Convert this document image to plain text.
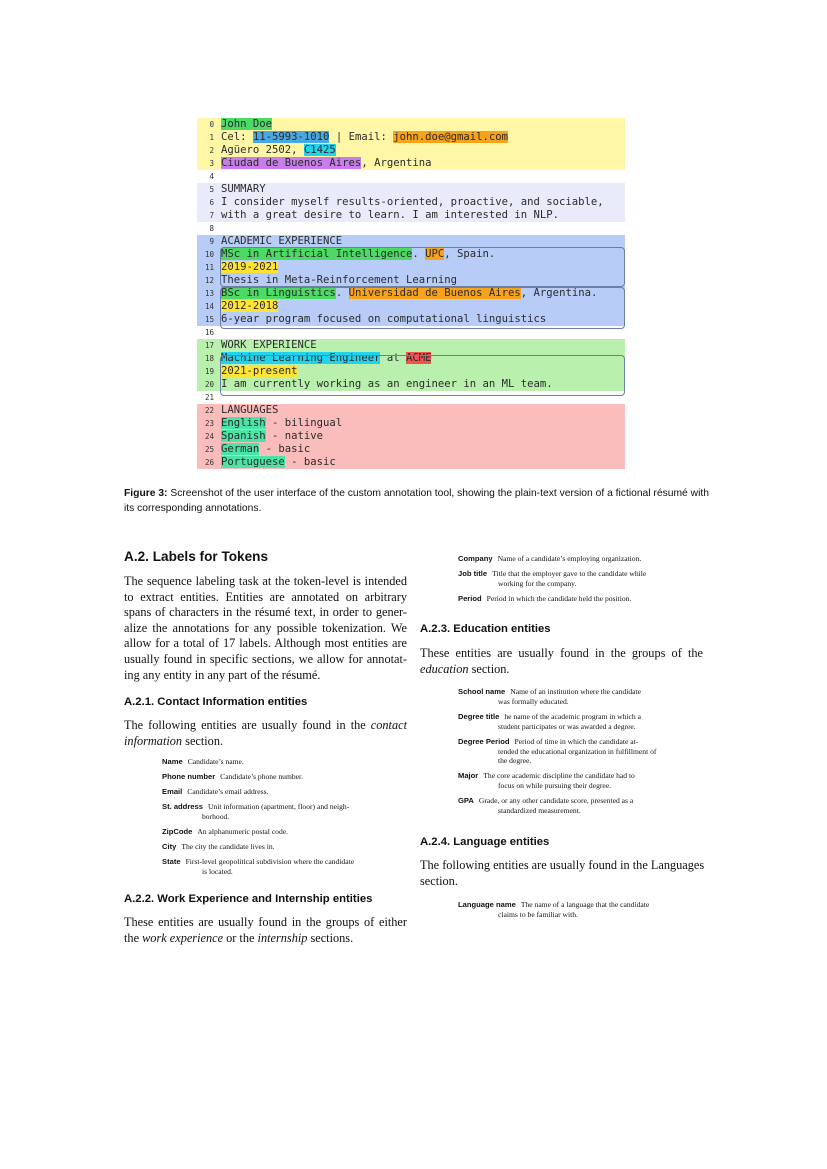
0 John Doe
1 Cel: 11-5993-1010 | Email: john.doe@gmail.com
2 Agüero 2502, C1425
3 Ciudad de Buenos Aires, Argentina
4
5 SUMMARY
6 I consider myself results-oriented, proactive, and sociable,
7 with a great desire to learn. I am interested in NLP.
8
9 ACADEMIC EXPERIENCE
10 MSc in Artificial Intelligence. UPC, Spain.
11 2019-2021
12 Thesis in Meta-Reinforcement Learning
13 BSc in Linguistics. Universidad de Buenos Aires, Argentina.
14 2012-2018
15 6-year program focused on computational linguistics
16
17 WORK EXPERIENCE
18 Machine Learning Engineer at ACME
19 2021-present
20 I am currently working as an engineer in an ML team.
21
22 LANGUAGES
23 English - bilingual
24 Spanish - native
25 German - basic
26 Portuguese - basic
Figure 3: Screenshot of the user interface of the custom annotation tool, showing the plain-text version of a fictional résumé with its corresponding annotations.
A.2. Labels for Tokens
The sequence labeling task at the token-level is intended
to extract entities. Entities are annotated on arbitrary
spans of characters in the résumé text, in order to gener-
alize the annotations for any possible tokenization. We
allow for a total of 17 labels. Although most entities are
usually found in specific sections, we allow for annotat-
ing any entity in any part of the résumé.
A.2.1. Contact Information entities
The following entities are usually found in the contact
information section.
Name Candidate’s name.
Phone number Candidate’s phone number.
Email Candidate’s email address.
St. address Unit information (apartment, floor) and neigh-
borhood.
ZipCode An alphanumeric postal code.
City The city the candidate lives in.
State First-level geopolitical subdivision where the candidate
is located.
A.2.2. Work Experience and Internship entities
These entities are usually found in the groups of either
the work experience or the internship sections.
Company Name of a candidate’s employing organization.
Job title Title that the employer gave to the candidate while
working for the company.
Period Period in which the candidate held the position.
A.2.3. Education entities
These entities are usually found in the groups of the
education section.
School name Name of an institution where the candidate
was formally educated.
Degree title he name of the academic program in which a
student participates or was awarded a degree.
Degree Period Period of time in which the candidate at-
tended the educational organization in fulfillment of
the degree.
Major The core academic discipline the candidate had to
focus on while pursuing their degree.
GPA Grade, or any other candidate score, presented as a
standardized measurement.
A.2.4. Language entities
The following entities are usually found in the Languages
section.
Language name The name of a language that the candidate
claims to be familiar with.
